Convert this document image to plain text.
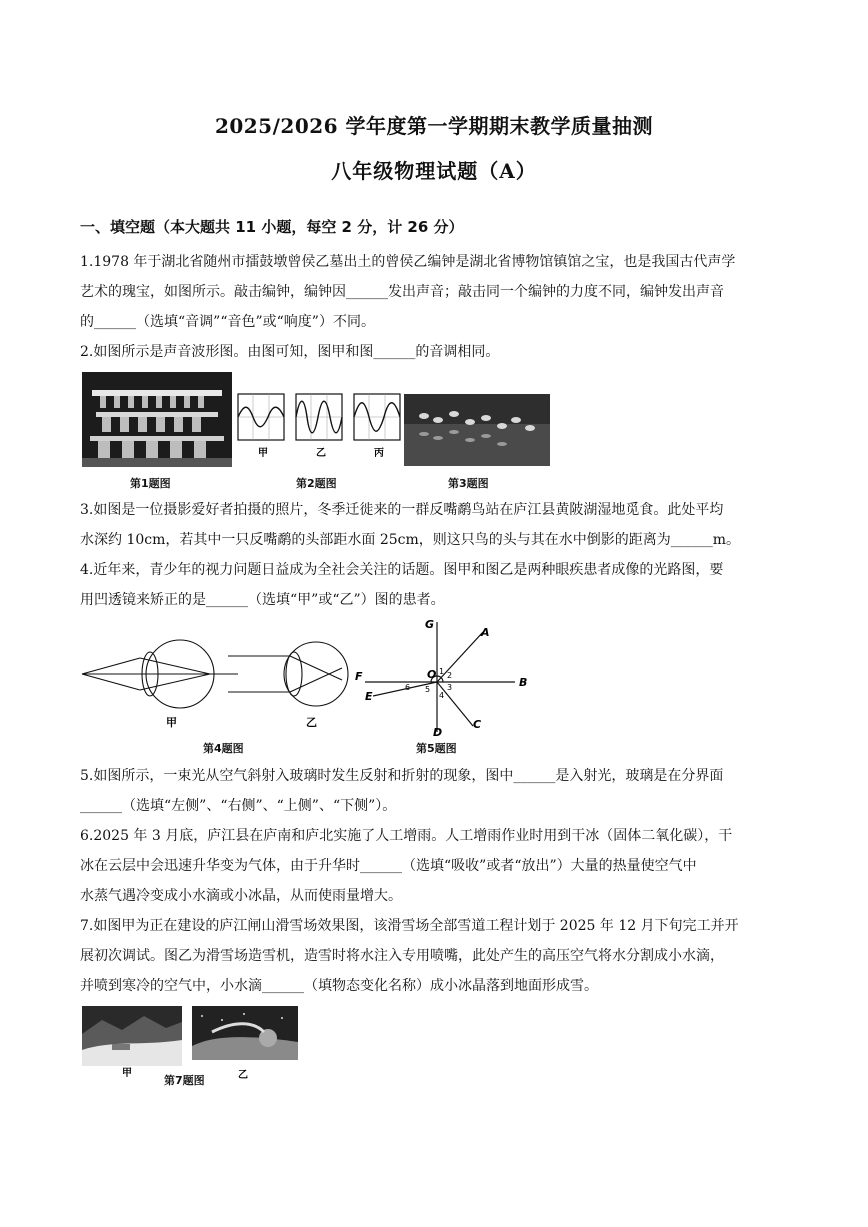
2025/2026 学年度第一学期期末教学质量抽测
八年级物理试题（A）
一、填空题（本大题共 11 小题，每空 2 分，计 26 分）
1.1978 年于湖北省随州市擂鼓墩曾侯乙墓出土的曾侯乙编钟是湖北省博物馆镇馆之宝，也是我国古代声学
艺术的瑰宝，如图所示。敲击编钟，编钟因______发出声音；敲击同一个编钟的力度不同，编钟发出声音
的______（选填“音调”“音色”或“响度”）不同。
2.如图所示是声音波形图。由图可知，图甲和图______的音调相同。
第1题图
甲	乙	丙
第2题图	第3题图
3.如图是一位摄影爱好者拍摄的照片，冬季迁徙来的一群反嘴鹬鸟站在庐江县黄陂湖湿地觅食。此处平均
水深约 10cm，若其中一只反嘴鹬的头部距水面 25cm，则这只鸟的头与其在水中倒影的距离为______m。
4.近年来，青少年的视力问题日益成为全社会关注的话题。图甲和图乙是两种眼疾患者成像的光路图，要
用凹透镜来矫正的是______（选填“甲”或“乙”）图的患者。
甲	乙
第4题图
G
A
F
E
O
B
D
C
1 2
3
4
5
6
第5题图
5.如图所示，一束光从空气斜射入玻璃时发生反射和折射的现象，图中______是入射光，玻璃是在分界面
______（选填“左侧”、“右侧”、“上侧”、“下侧”）。
6.2025 年 3 月底，庐江县在庐南和庐北实施了人工增雨。人工增雨作业时用到干冰（固体二氧化碳），干
冰在云层中会迅速升华变为气体，由于升华时______（选填“吸收”或者“放出”）大量的热量使空气中
水蒸气遇冷变成小水滴或小冰晶，从而使雨量增大。
7.如图甲为正在建设的庐江闸山滑雪场效果图，该滑雪场全部雪道工程计划于 2025 年 12 月下旬完工并开
展初次调试。图乙为滑雪场造雪机，造雪时将水注入专用喷嘴，此处产生的高压空气将水分割成小水滴，
并喷到寒冷的空气中，小水滴______（填物态变化名称）成小冰晶落到地面形成雪。
甲	乙
第7题图
